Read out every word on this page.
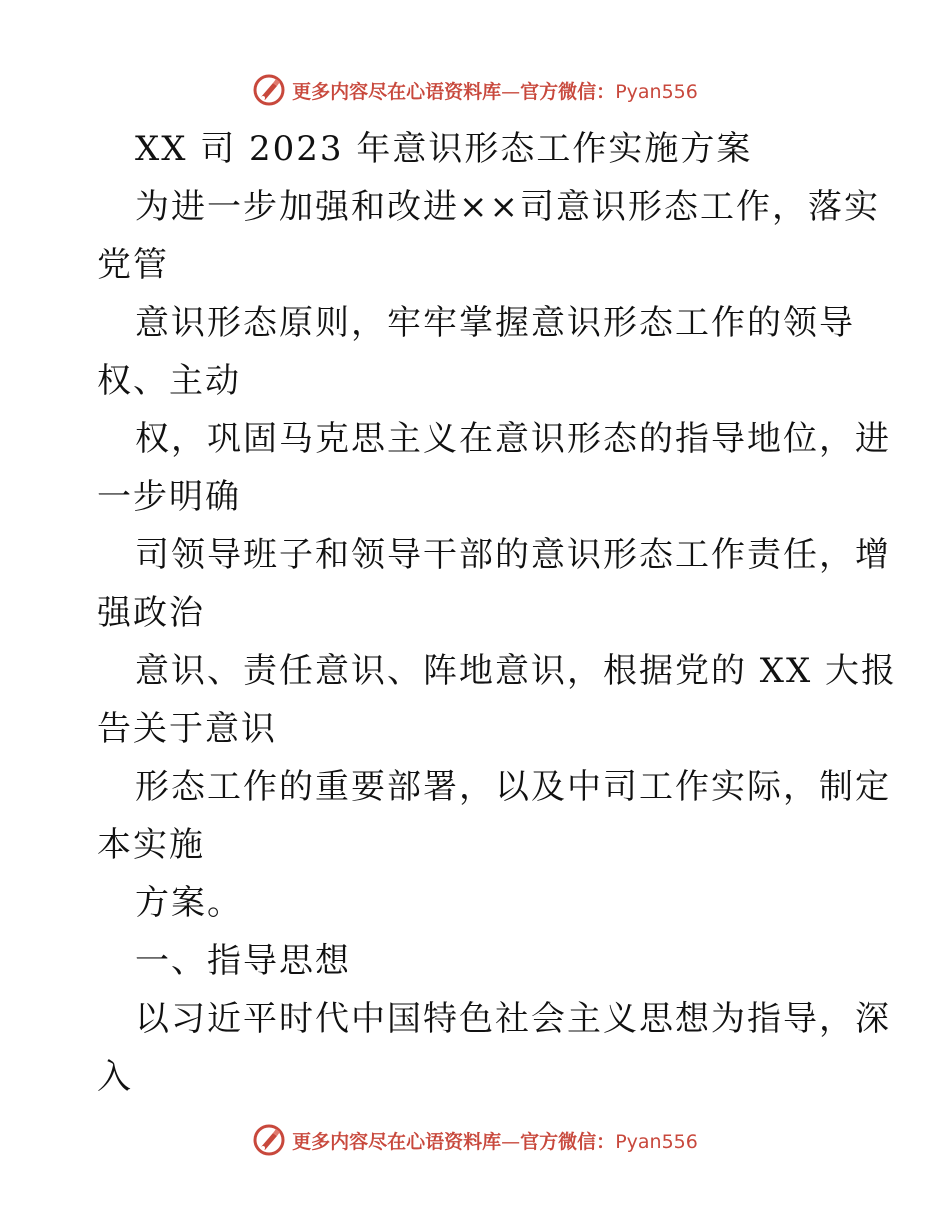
更多内容尽在心语资料库—官方微信：Pyan556
XX 司 2023 年意识形态工作实施方案
为进一步加强和改进××司意识形态工作，落实
党管
意识形态原则，牢牢掌握意识形态工作的领导
权、主动
权，巩固马克思主义在意识形态的指导地位，进
一步明确
司领导班子和领导干部的意识形态工作责任，增
强政治
意识、责任意识、阵地意识，根据党的 XX 大报
告关于意识
形态工作的重要部署，以及中司工作实际，制定
本实施
方案。
一、指导思想
以习近平时代中国特色社会主义思想为指导，深
入
更多内容尽在心语资料库—官方微信：Pyan556
